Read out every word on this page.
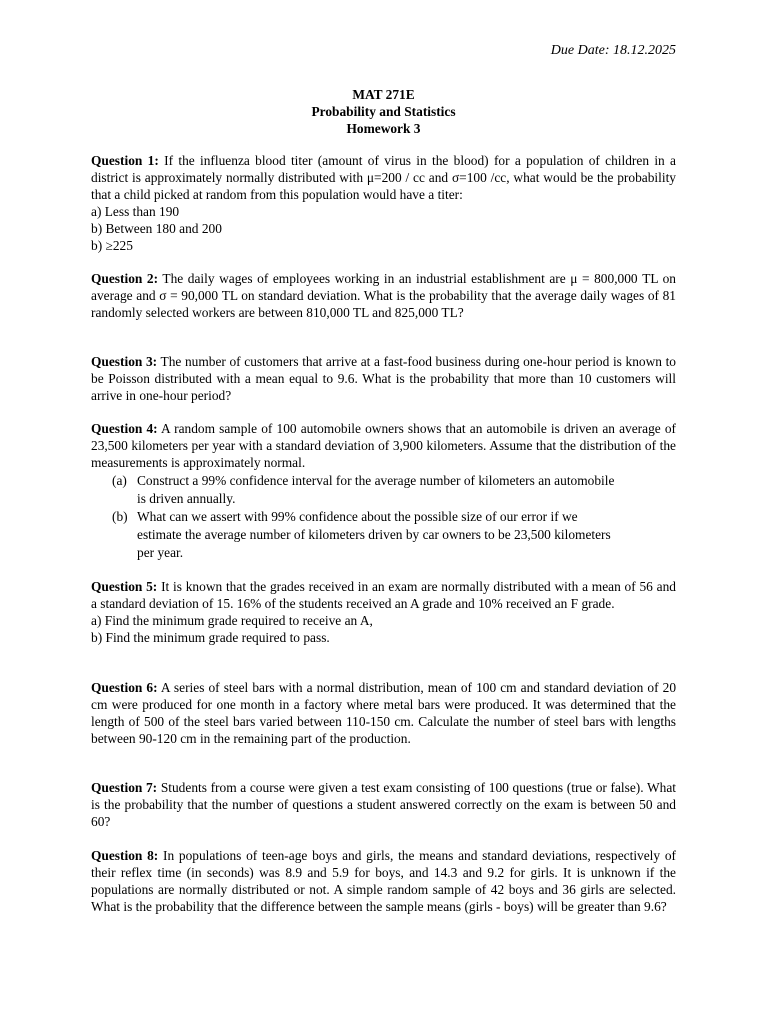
Due Date: 18.12.2025
MAT 271E
Probability and Statistics
Homework 3

Question 1: If the influenza blood titer (amount of virus in the blood) for a population of children in a district is approximately normally distributed with μ=200 / cc and σ=100 /cc, what would be the probability that a child picked at random from this population would have a titer:

a) Less than 190

b) Between 180 and 200

b) ≥225

Question 2: The daily wages of employees working in an industrial establishment are μ = 800,000 TL on average and σ = 90,000 TL on standard deviation. What is the probability that the average daily wages of 81 randomly selected workers are between 810,000 TL and 825,000 TL?

Question 3: The number of customers that arrive at a fast-food business during one-hour period is known to be Poisson distributed with a mean equal to 9.6. What is the probability that more than 10 customers will arrive in one-hour period?

Question 4: A random sample of 100 automobile owners shows that an automobile is driven an average of 23,500 kilometers per year with a standard deviation of 3,900 kilometers. Assume that the distribution of the measurements is approximately normal.

(a) Construct a 99% confidence interval for the average number of kilometers an automobile is driven annually.
(b) What can we assert with 99% confidence about the possible size of our error if we estimate the average number of kilometers driven by car owners to be 23,500 kilometers per year.

Question 5: It is known that the grades received in an exam are normally distributed with a mean of 56 and a standard deviation of 15. 16% of the students received an A grade and 10% received an F grade.

a) Find the minimum grade required to receive an A,

b) Find the minimum grade required to pass.

Question 6: A series of steel bars with a normal distribution, mean of 100 cm and standard deviation of 20 cm were produced for one month in a factory where metal bars were produced. It was determined that the length of 500 of the steel bars varied between 110-150 cm. Calculate the number of steel bars with lengths between 90-120 cm in the remaining part of the production.

Question 7: Students from a course were given a test exam consisting of 100 questions (true or false). What is the probability that the number of questions a student answered correctly on the exam is between 50 and 60?

Question 8: In populations of teen-age boys and girls, the means and standard deviations, respectively of their reflex time (in seconds) was 8.9 and 5.9 for boys, and 14.3 and 9.2 for girls. It is unknown if the populations are normally distributed or not. A simple random sample of 42 boys and 36 girls are selected. What is the probability that the difference between the sample means (girls - boys) will be greater than 9.6?
